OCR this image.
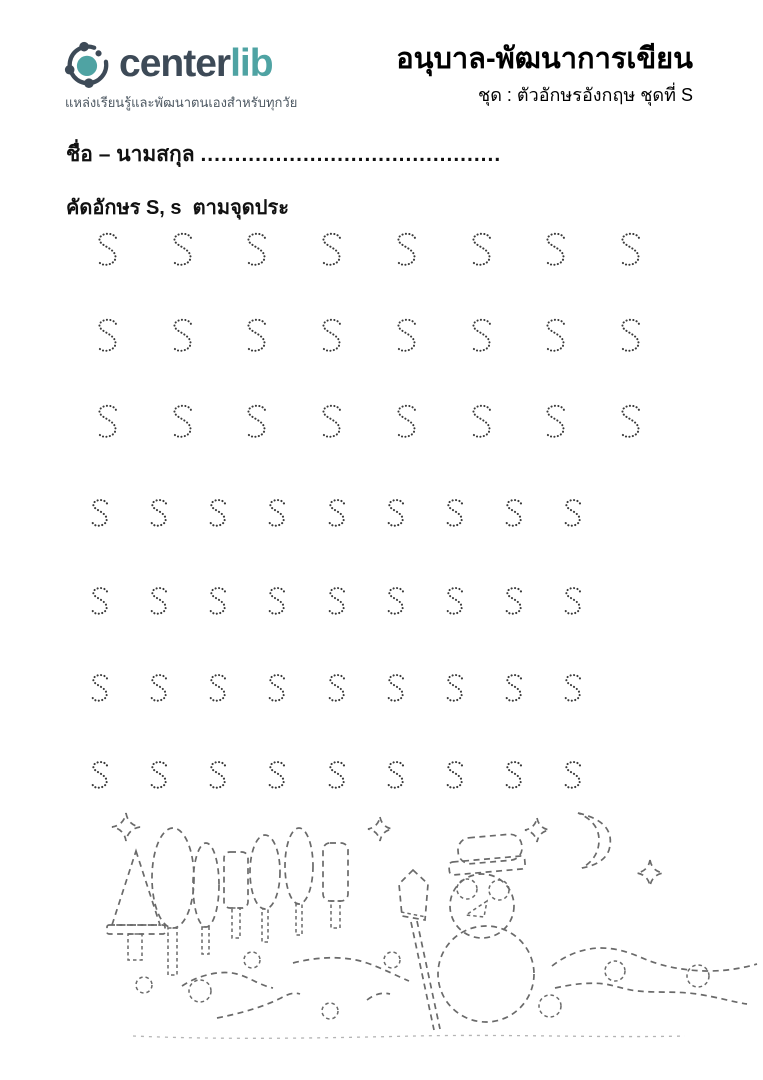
centerlib
แหล่งเรียนรู้และพัฒนาตนเองสำหรับทุกวัย
อนุบาล-พัฒนาการเขียน
ชุด : ตัวอักษรอังกฤษ ชุดที่ S
ชื่อ – นามสกุล ............................................
คัดอักษร S, s  ตามจุดประ
